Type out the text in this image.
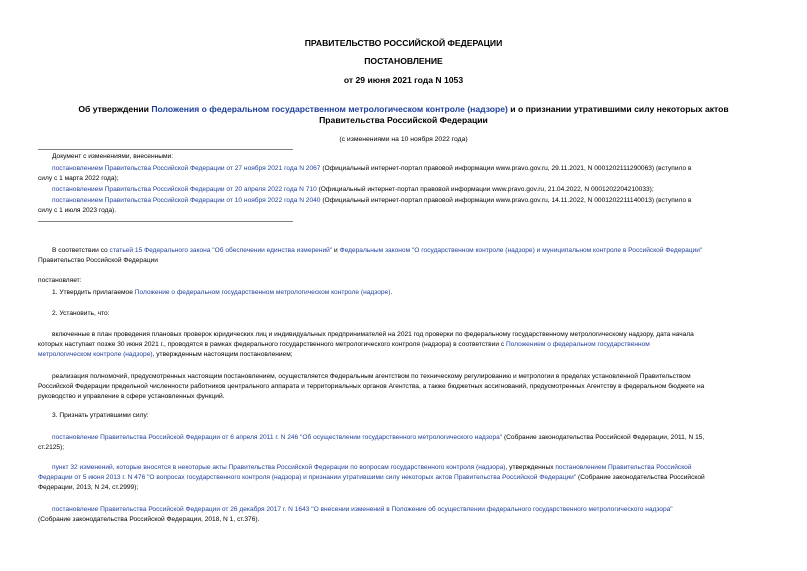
ПРАВИТЕЛЬСТВО РОССИЙСКОЙ ФЕДЕРАЦИИ
ПОСТАНОВЛЕНИЕ
от 29 июня 2021 года N 1053
Об утверждении Положения о федеральном государственном метрологическом контроле (надзоре) и о признании утратившими силу некоторых актов
Правительства Российской Федерации
(с изменениями на 10 ноября 2022 года)
Документ с изменениями, внесенными:
постановлением Правительства Российской Федерации от 27 ноября 2021 года N 2067 (Официальный интернет-портал правовой информации www.pravo.gov.ru, 29.11.2021, N 0001202111290063) (вступило в
силу с 1 марта 2022 года);
постановлением Правительства Российской Федерации от 20 апреля 2022 года N 710 (Официальный интернет-портал правовой информации www.pravo.gov.ru, 21.04.2022, N 0001202204210033);
постановлением Правительства Российской Федерации от 10 ноября 2022 года N 2040 (Официальный интернет-портал правовой информации www.pravo.gov.ru, 14.11.2022, N 0001202211140013) (вступило в
силу с 1 июля 2023 года).
В соответствии со статьей 15 Федерального закона "Об обеспечении единства измерений" и Федеральным законом "О государственном контроле (надзоре) и муниципальном контроле в Российской Федерации"
Правительство Российской Федерации
постановляет:
1. Утвердить прилагаемое Положение о федеральном государственном метрологическом контроле (надзоре).
2. Установить, что:
включенные в план проведения плановых проверок юридических лиц и индивидуальных предпринимателей на 2021 год проверки по федеральному государственному метрологическому надзору, дата начала
которых наступает позже 30 июня 2021 г., проводятся в рамках федерального государственного метрологического контроля (надзора) в соответствии с Положением о федеральном государственном
метрологическом контроле (надзоре), утвержденным настоящим постановлением;
реализация полномочий, предусмотренных настоящим постановлением, осуществляется Федеральным агентством по техническому регулированию и метрологии в пределах установленной Правительством
Российской Федерации предельной численности работников центрального аппарата и территориальных органов Агентства, а также бюджетных ассигнований, предусмотренных Агентству в федеральном бюджете на
руководство и управление в сфере установленных функций.
3. Признать утратившими силу:
постановление Правительства Российской Федерации от 6 апреля 2011 г. N 246 "Об осуществлении государственного метрологического надзора" (Собрание законодательства Российской Федерации, 2011, N 15,
ст.2125);
пункт 32 изменений, которые вносятся в некоторые акты Правительства Российской Федерации по вопросам государственного контроля (надзора), утвержденных постановлением Правительства Российской
Федерации от 5 июня 2013 г. N 476 "О вопросах государственного контроля (надзора) и признании утратившими силу некоторых актов Правительства Российской Федерации" (Собрание законодательства Российской
Федерации, 2013, N 24, ст.2999);
постановление Правительства Российской Федерации от 26 декабря 2017 г. N 1643 "О внесении изменений в Положение об осуществлении федерального государственного метрологического надзора"
(Собрание законодательства Российской Федерации, 2018, N 1, ст.376).
